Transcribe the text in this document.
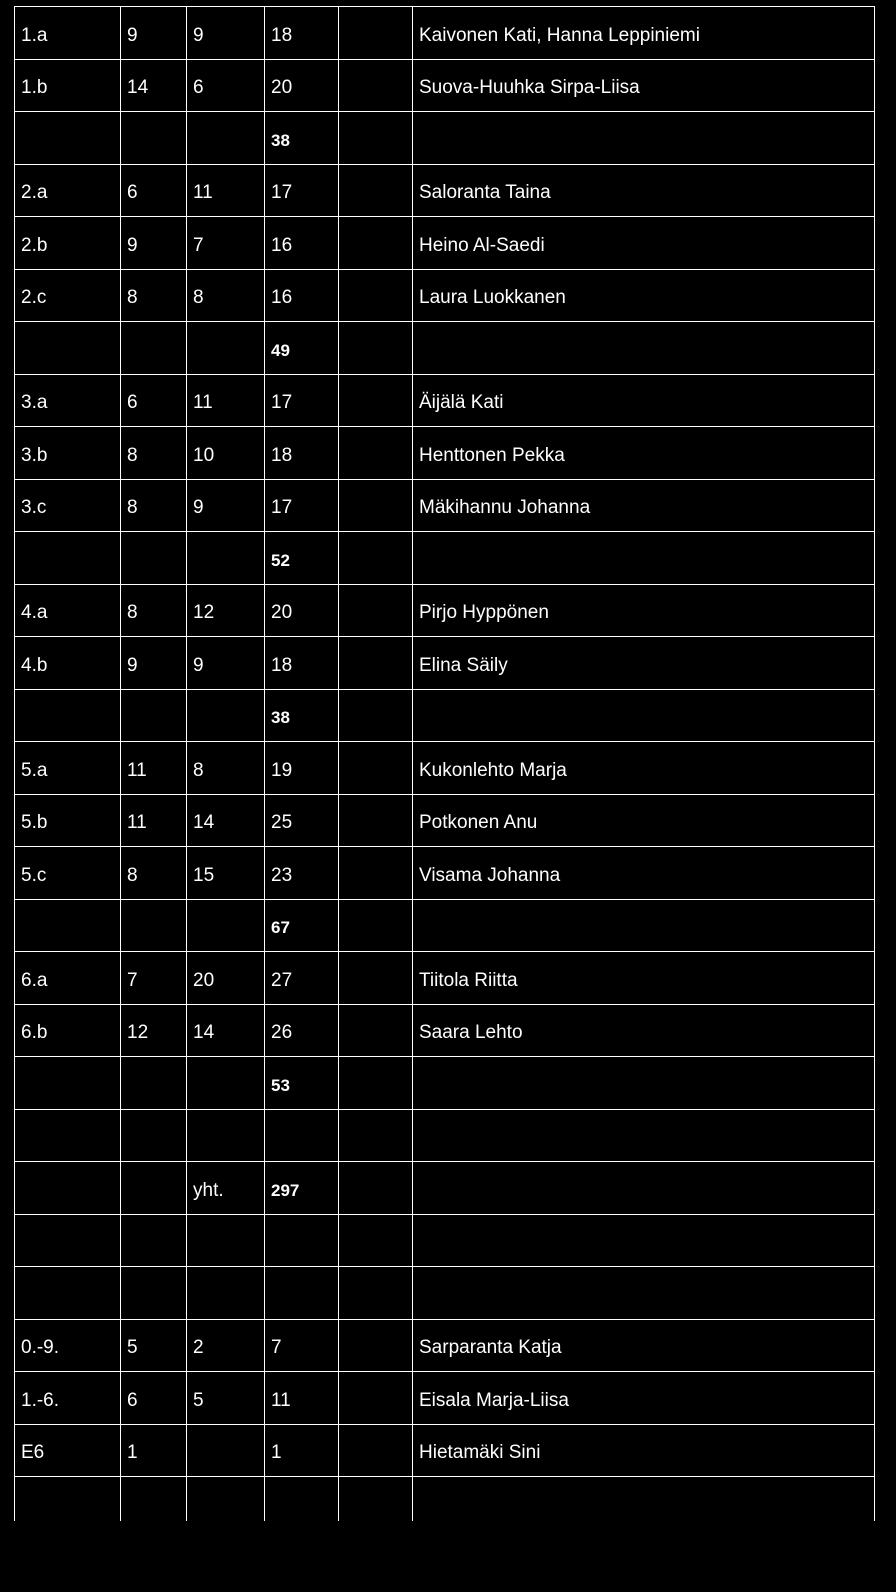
1.a	9	9	18		Kaivonen Kati, Hanna Leppiniemi
1.b	14	6	20		Suova-Huuhka Sirpa-Liisa
			38		
2.a	6	11	17		Saloranta Taina
2.b	9	7	16		Heino Al-Saedi
2.c	8	8	16		Laura Luokkanen
			49		
3.a	6	11	17		Äijälä Kati
3.b	8	10	18		Henttonen Pekka
3.c	8	9	17		Mäkihannu Johanna
			52		
4.a	8	12	20		Pirjo Hyppönen
4.b	9	9	18		Elina Säily
			38		
5.a	11	8	19		Kukonlehto Marja
5.b	11	14	25		Potkonen Anu
5.c	8	15	23		Visama Johanna
			67		
6.a	7	20	27		Tiitola Riitta
6.b	12	14	26		Saara Lehto
			53		

		yht.	297		

0.-9.	5	2	7		Sarparanta Katja
1.-6.	6	5	11		Eisala Marja-Liisa
E6	1		1		Hietamäki Sini
